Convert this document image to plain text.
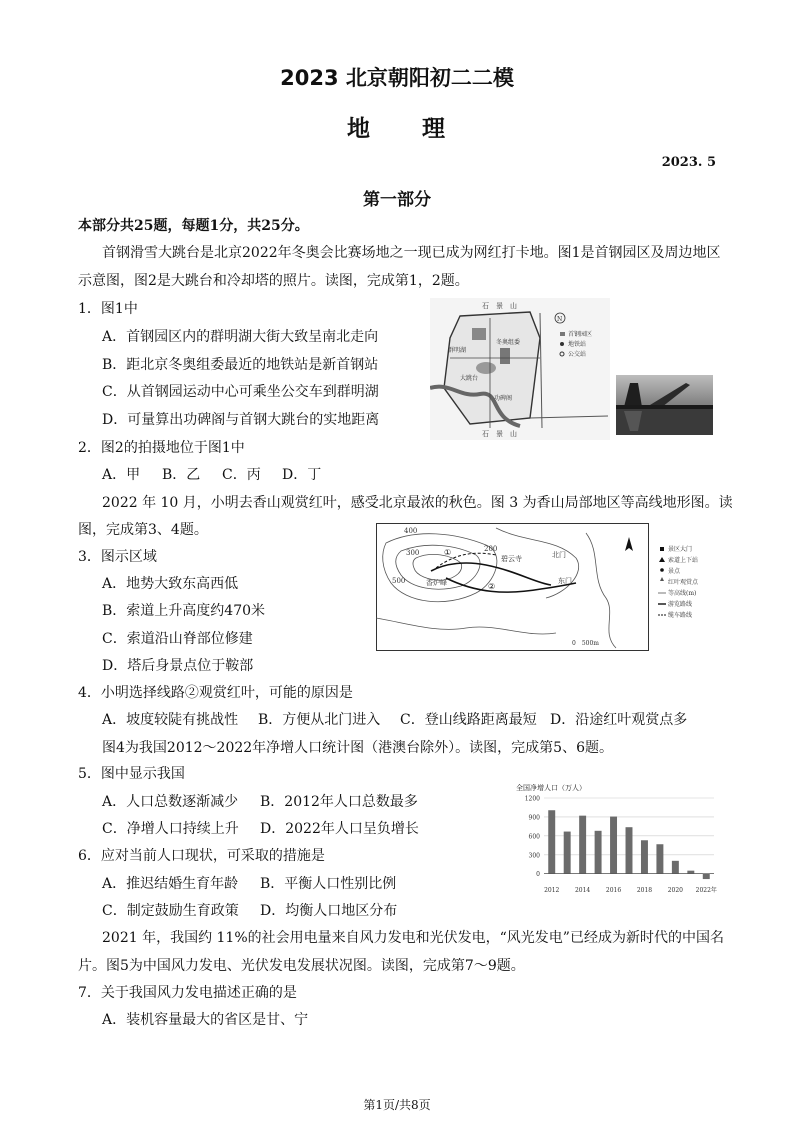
2023 北京朝阳初二二模
地　　理
2023. 5
第一部分
本部分共25题，每题1分，共25分。
首钢滑雪大跳台是北京2022年冬奥会比赛场地之一现已成为网红打卡地。图1是首钢园区及周边地区
示意图，图2是大跳台和冷却塔的照片。读图，完成第1，2题。
1．图1中
A．首钢园区内的群明湖大街大致呈南北走向
B．距北京冬奥组委最近的地铁站是新首钢站
C．从首钢园运动中心可乘坐公交车到群明湖
D．可量算出功碑阁与首钢大跳台的实地距离
石　景　山
石　景　山
N
首钢园区
地铁站
公交站
群明湖
冬奥组委
大跳台
功碑阁
2．图2的拍摄地位于图1中
A．甲 B．乙 C．丙 D．丁
2022 年 10 月，小明去香山观赏红叶，感受北京最浓的秋色。图 3 为香山局部地区等高线地形图。读
图，完成第3、4题。
3．图示区域
A．地势大致东高西低
B．索道上升高度约470米
C．索道沿山脊部位修建
D．塔后身景点位于鞍部
400
300	200
500
北门
东门
香炉峰
碧云寺
①
②
0　500m
景区大门
索道上下站
景点
红叶观赏点
等高线(m)
游览路线
缆车路线
4．小明选择线路②观赏红叶，可能的原因是
A．坡度较陡有挑战性 B．方便从北门进入 C．登山线路距离最短 D．沿途红叶观赏点多
图4为我国2012～2022年净增人口统计图（港澳台除外）。读图，完成第5、6题。
5．图中显示我国
A．人口总数逐渐减少 B．2012年人口总数最多
C．净增人口持续上升 D．2022年人口呈负增长
6．应对当前人口现状，可采取的措施是
A．推迟结婚生育年龄 B．平衡人口性别比例
C．制定鼓励生育政策 D．均衡人口地区分布
全国净增人口（万人）
0
300
600
900
1200
2012	2014	2016	2018	2020 2022年
2021 年，我国约 11%的社会用电量来自风力发电和光伏发电，“风光发电”已经成为新时代的中国名
片。图5为中国风力发电、光伏发电发展状况图。读图，完成第7～9题。
7．关于我国风力发电描述正确的是
A．装机容量最大的省区是甘、宁
第1页/共8页
